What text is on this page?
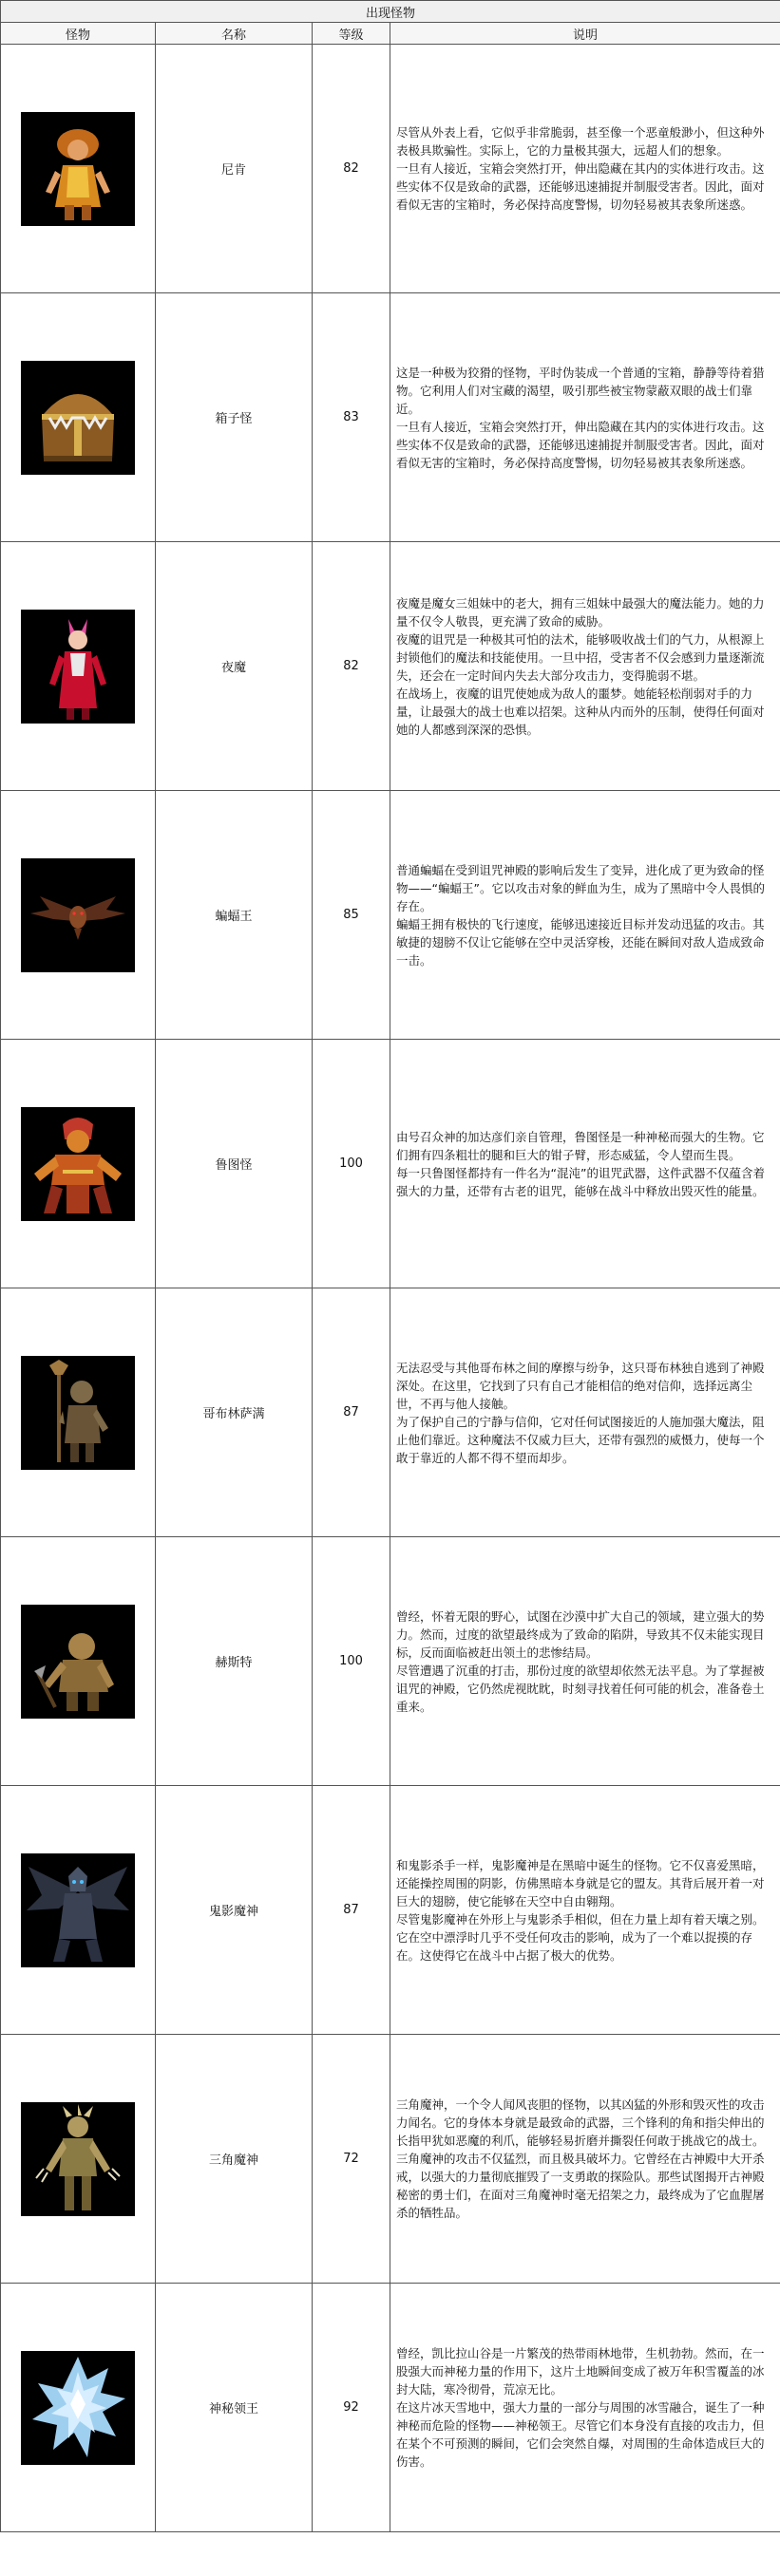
出现怪物			
怪物	名称	等级	说明

	尼肯	82	尽管从外表上看，它似乎非常脆弱，甚至像一个恶童般渺小，但这种外表极具欺骗性。实际上，它的力量极其强大，远超人们的想象。
一旦有人接近，宝箱会突然打开，伸出隐藏在其内的实体进行攻击。这些实体不仅是致命的武器，还能够迅速捕捉并制服受害者。因此，面对看似无害的宝箱时，务必保持高度警惕，切勿轻易被其表象所迷惑。

	箱子怪	83	这是一种极为狡猾的怪物，平时伪装成一个普通的宝箱，静静等待着猎物。它利用人们对宝藏的渴望，吸引那些被宝物蒙蔽双眼的战士们靠近。
一旦有人接近，宝箱会突然打开，伸出隐藏在其内的实体进行攻击。这些实体不仅是致命的武器，还能够迅速捕捉并制服受害者。因此，面对看似无害的宝箱时，务必保持高度警惕，切勿轻易被其表象所迷惑。

	夜魔	82	夜魔是魔女三姐妹中的老大，拥有三姐妹中最强大的魔法能力。她的力量不仅令人敬畏，更充满了致命的威胁。
夜魔的诅咒是一种极其可怕的法术，能够吸收战士们的气力，从根源上封锁他们的魔法和技能使用。一旦中招，受害者不仅会感到力量逐渐流失，还会在一定时间内失去大部分攻击力，变得脆弱不堪。
在战场上，夜魔的诅咒使她成为敌人的噩梦。她能轻松削弱对手的力量，让最强大的战士也难以招架。这种从内而外的压制，使得任何面对她的人都感到深深的恐惧。

	蝙蝠王	85	普通蝙蝠在受到诅咒神殿的影响后发生了变异，进化成了更为致命的怪物——“蝙蝠王”。它以攻击对象的鲜血为生，成为了黑暗中令人畏惧的存在。
蝙蝠王拥有极快的飞行速度，能够迅速接近目标并发动迅猛的攻击。其敏捷的翅膀不仅让它能够在空中灵活穿梭，还能在瞬间对敌人造成致命一击。

	鲁图怪	100	由号召众神的加达彦们亲自管理，鲁图怪是一种神秘而强大的生物。它们拥有四条粗壮的腿和巨大的钳子臂，形态威猛，令人望而生畏。
每一只鲁图怪都持有一件名为“混沌”的诅咒武器，这件武器不仅蕴含着强大的力量，还带有古老的诅咒，能够在战斗中释放出毁灭性的能量。

	哥布林萨满	87	无法忍受与其他哥布林之间的摩擦与纷争，这只哥布林独自逃到了神殿深处。在这里，它找到了只有自己才能相信的绝对信仰，选择远离尘世，不再与他人接触。
为了保护自己的宁静与信仰，它对任何试图接近的人施加强大魔法，阻止他们靠近。这种魔法不仅威力巨大，还带有强烈的威慑力，使每一个敢于靠近的人都不得不望而却步。

	赫斯特	100	曾经，怀着无限的野心，试图在沙漠中扩大自己的领域，建立强大的势力。然而，过度的欲望最终成为了致命的陷阱，导致其不仅未能实现目标，反而面临被赶出领土的悲惨结局。
尽管遭遇了沉重的打击，那份过度的欲望却依然无法平息。为了掌握被诅咒的神殿，它仍然虎视眈眈，时刻寻找着任何可能的机会，准备卷土重来。

	鬼影魔神	87	和鬼影杀手一样，鬼影魔神是在黑暗中诞生的怪物。它不仅喜爱黑暗，还能操控周围的阴影，仿佛黑暗本身就是它的盟友。其背后展开着一对巨大的翅膀，使它能够在天空中自由翱翔。
尽管鬼影魔神在外形上与鬼影杀手相似，但在力量上却有着天壤之别。它在空中漂浮时几乎不受任何攻击的影响，成为了一个难以捉摸的存在。这使得它在战斗中占据了极大的优势。

	三角魔神	72	三角魔神，一个令人闻风丧胆的怪物，以其凶猛的外形和毁灭性的攻击力闻名。它的身体本身就是最致命的武器，三个锋利的角和指尖伸出的长指甲犹如恶魔的利爪，能够轻易折磨并撕裂任何敢于挑战它的战士。
三角魔神的攻击不仅猛烈，而且极具破坏力。它曾经在古神殿中大开杀戒，以强大的力量彻底摧毁了一支勇敢的探险队。那些试图揭开古神殿秘密的勇士们，在面对三角魔神时毫无招架之力，最终成为了它血腥屠杀的牺牲品。

	神秘领王	92	曾经，凯比拉山谷是一片繁茂的热带雨林地带，生机勃勃。然而，在一股强大而神秘力量的作用下，这片土地瞬间变成了被万年积雪覆盖的冰封大陆，寒冷彻骨，荒凉无比。
在这片冰天雪地中，强大力量的一部分与周围的冰雪融合，诞生了一种神秘而危险的怪物——神秘领王。尽管它们本身没有直接的攻击力，但在某个不可预测的瞬间，它们会突然自爆，对周围的生命体造成巨大的伤害。
